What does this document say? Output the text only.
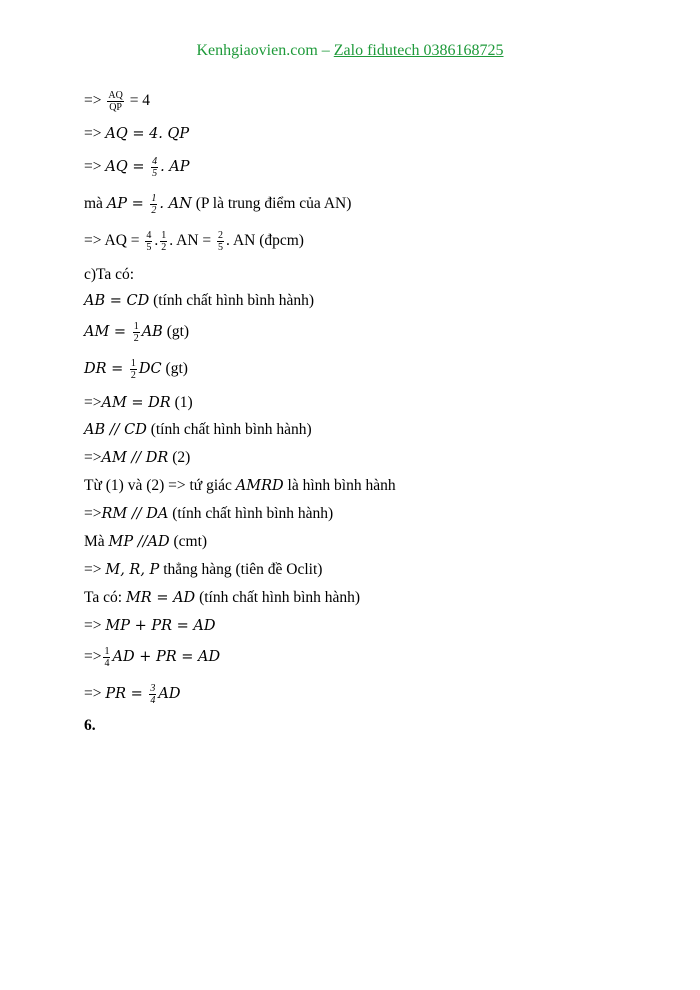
Kenhgiaovien.com – Zalo fidutech 0386168725
=> $\frac{AQ}{QP} = 4$
=> AQ = 4. QP
=> AQ = $\frac{4}{5}$ . AP
mà AP = $\frac{1}{2}$ . AN (P là trung điểm của AN)
=> AQ = $\frac{4}{5}$ . $\frac{1}{2}$ . AN = $\frac{2}{5}$ . AN (đpcm)
c)Ta có:
AB = CD (tính chất hình bình hành)
AM = $\frac{1}{2}$ AB (gt)
DR = $\frac{1}{2}$ DC (gt)
=>AM = DR (1)
AB // CD (tính chất hình bình hành)
=>AM // DR (2)
Từ (1) và (2) => tứ giác AMRD là hình bình hành
=>RM // DA (tính chất hình bình hành)
Mà MP //AD (cmt)
=> M, R, P thẳng hàng (tiên đề Oclit)
Ta có: MR = AD (tính chất hình bình hành)
=> MP + PR = AD
=> $\frac{1}{4}$ AD + PR = AD
=> PR = $\frac{3}{4}$ AD
6.
